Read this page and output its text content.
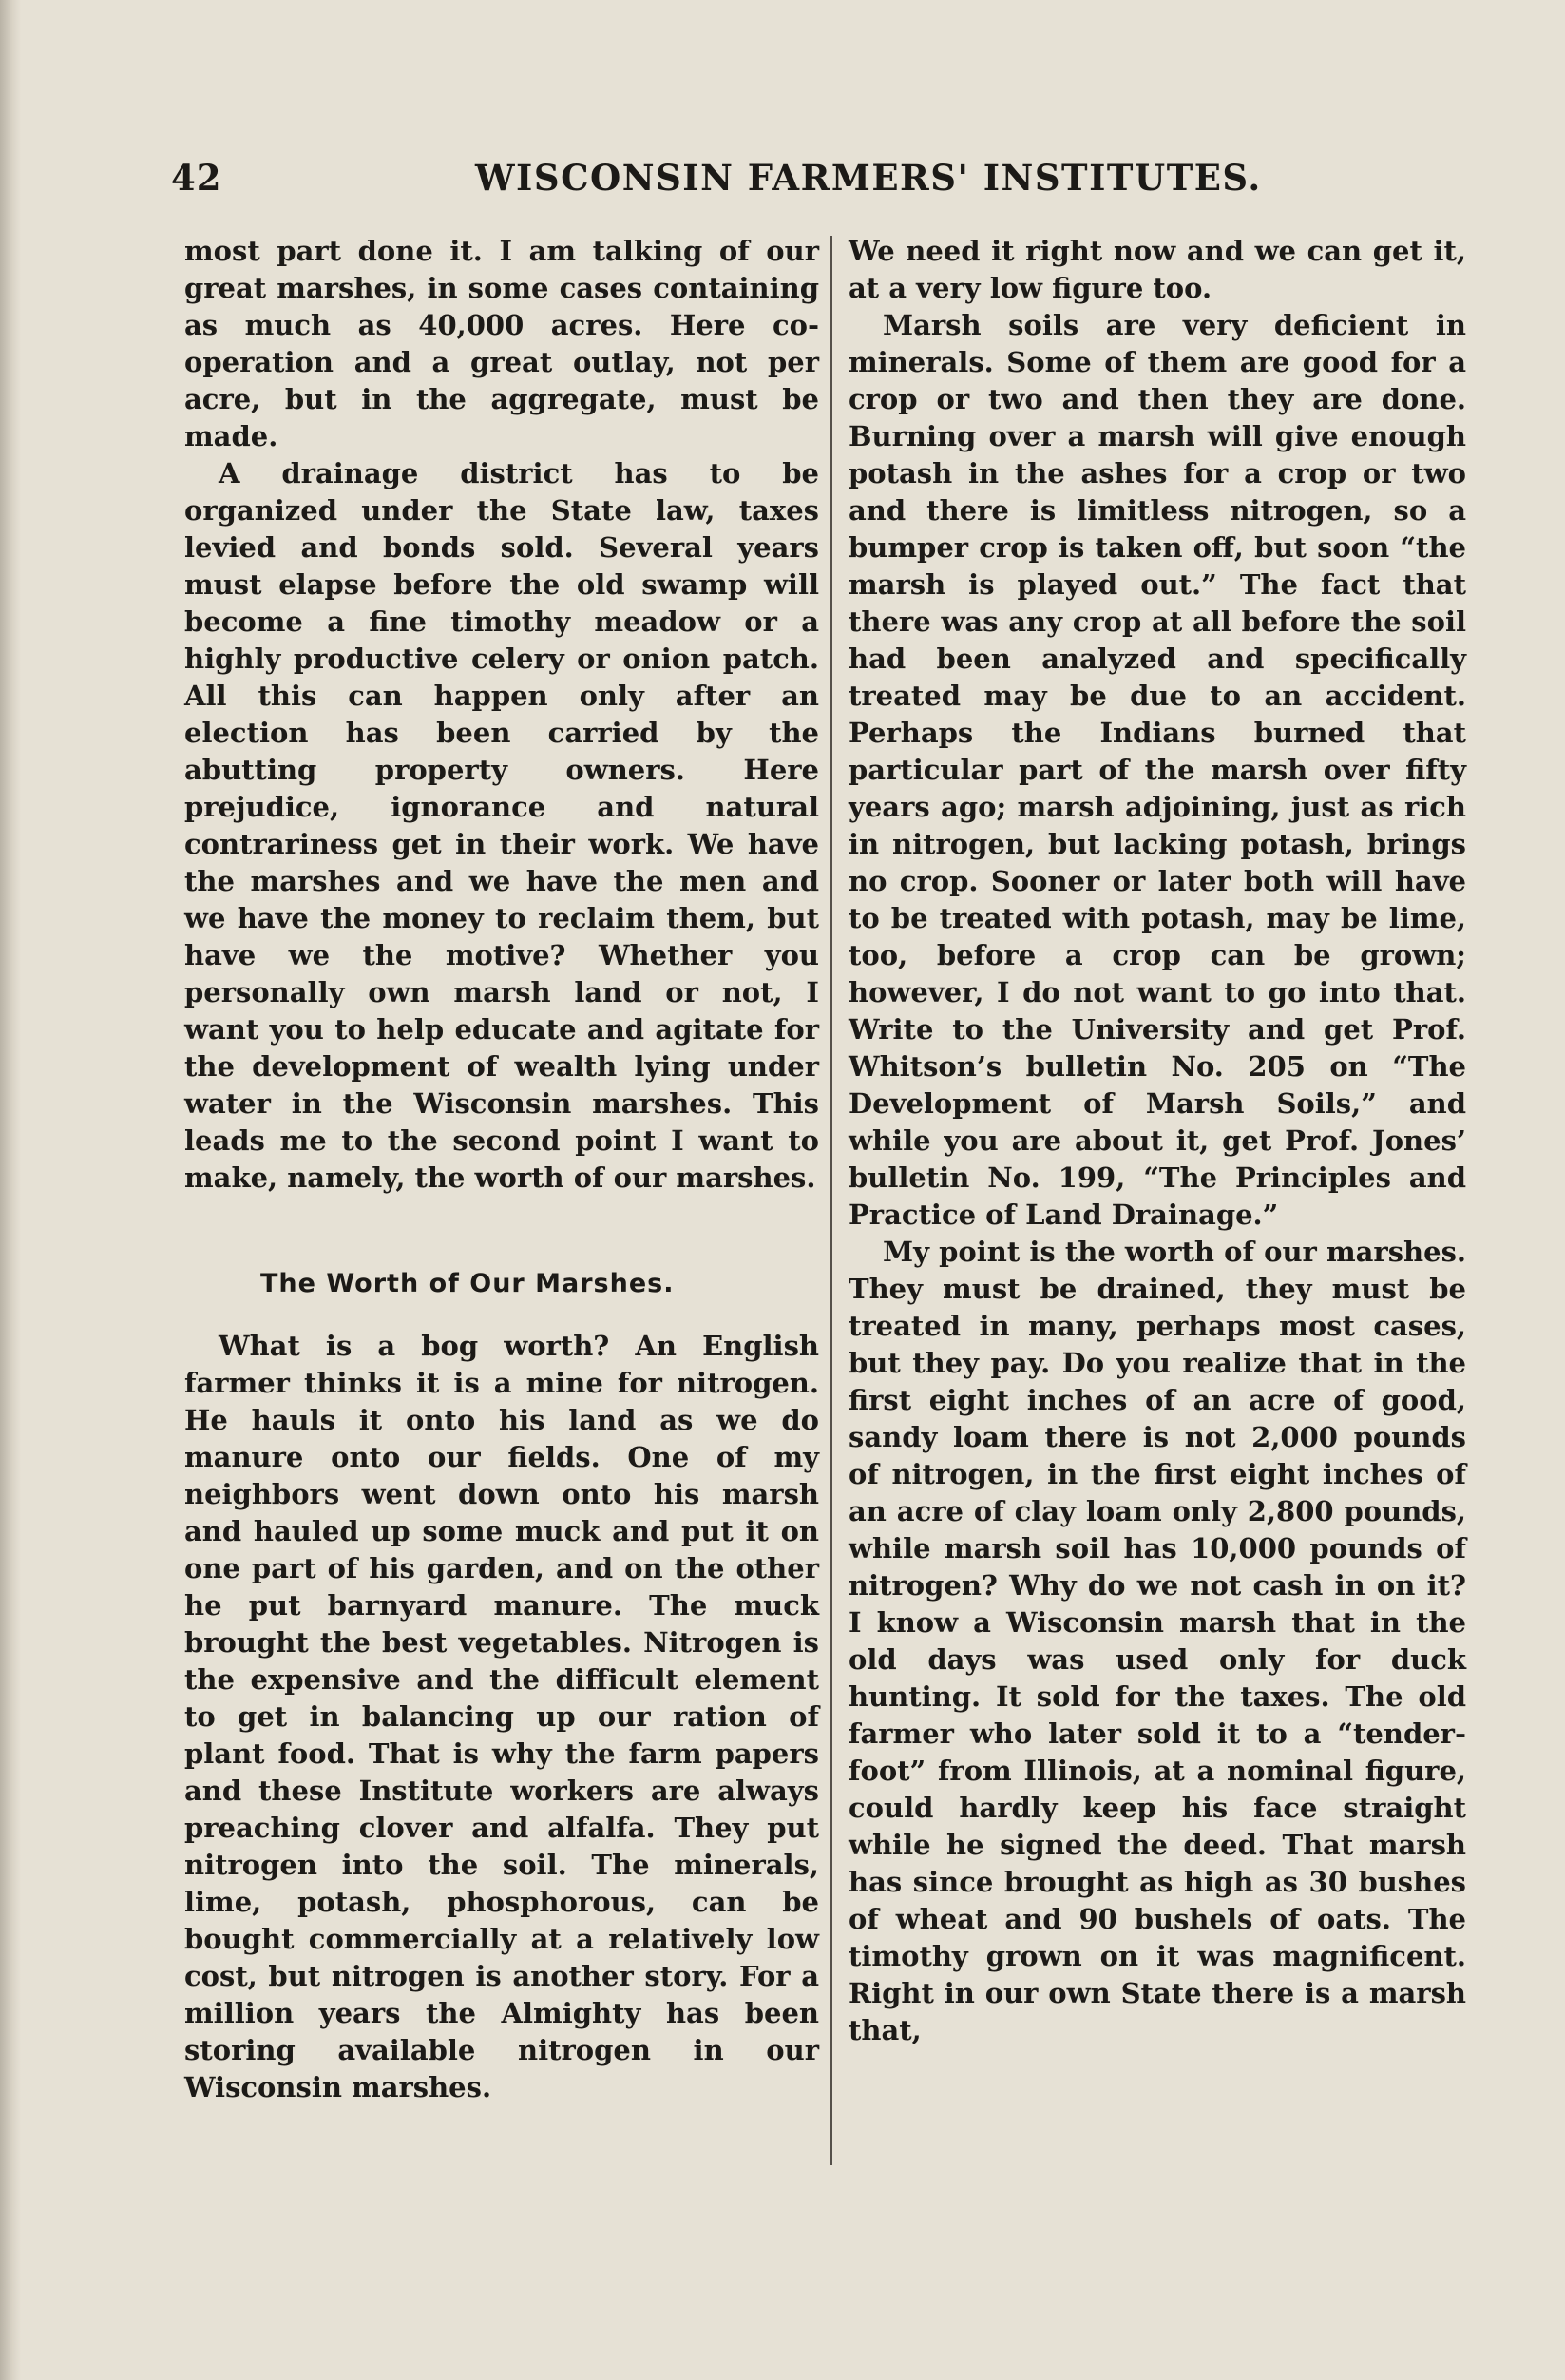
42	WISCONSIN FARMERS' INSTITUTES.

most part done it. I am talking of our great marshes, in some cases containing as much as 40,000 acres. Here co-operation and a great outlay, not per acre, but in the aggregate, must be made.

A drainage district has to be organized under the State law, taxes levied and bonds sold. Several years must elapse before the old swamp will become a fine timothy meadow or a highly productive celery or onion patch. All this can happen only after an election has been carried by the abutting property owners. Here prejudice, ignorance and natural contrariness get in their work. We have the marshes and we have the men and we have the money to reclaim them, but have we the motive? Whether you personally own marsh land or not, I want you to help educate and agitate for the development of wealth lying under water in the Wisconsin marshes. This leads me to the second point I want to make, namely, the worth of our marshes.

The Worth of Our Marshes.

What is a bog worth? An English farmer thinks it is a mine for nitrogen. He hauls it onto his land as we do manure onto our fields. One of my neighbors went down onto his marsh and hauled up some muck and put it on one part of his garden, and on the other he put barnyard manure. The muck brought the best vegetables. Nitrogen is the expensive and the difficult element to get in balancing up our ration of plant food. That is why the farm papers and these Institute workers are always preaching clover and alfalfa. They put nitrogen into the soil. The minerals, lime, potash, phosphorous, can be bought commercially at a relatively low cost, but nitrogen is another story. For a million years the Almighty has been storing available nitrogen in our Wisconsin marshes.

We need it right now and we can get it, at a very low figure too.

Marsh soils are very deficient in minerals. Some of them are good for a crop or two and then they are done. Burning over a marsh will give enough potash in the ashes for a crop or two and there is limitless nitrogen, so a bumper crop is taken off, but soon “the marsh is played out.” The fact that there was any crop at all before the soil had been analyzed and specifically treated may be due to an accident. Perhaps the Indians burned that particular part of the marsh over fifty years ago; marsh adjoining, just as rich in nitrogen, but lacking potash, brings no crop. Sooner or later both will have to be treated with potash, may be lime, too, before a crop can be grown; however, I do not want to go into that. Write to the University and get Prof. Whitson’s bulletin No. 205 on “The Development of Marsh Soils,” and while you are about it, get Prof. Jones’ bulletin No. 199, “The Principles and Practice of Land Drainage.”

My point is the worth of our marshes. They must be drained, they must be treated in many, perhaps most cases, but they pay. Do you realize that in the first eight inches of an acre of good, sandy loam there is not 2,000 pounds of nitrogen, in the first eight inches of an acre of clay loam only 2,800 pounds, while marsh soil has 10,000 pounds of nitrogen? Why do we not cash in on it? I know a Wisconsin marsh that in the old days was used only for duck hunting. It sold for the taxes. The old farmer who later sold it to a “tender-foot” from Illinois, at a nominal figure, could hardly keep his face straight while he signed the deed. That marsh has since brought as high as 30 bushes of wheat and 90 bushels of oats. The timothy grown on it was magnificent. Right in our own State there is a marsh that,
